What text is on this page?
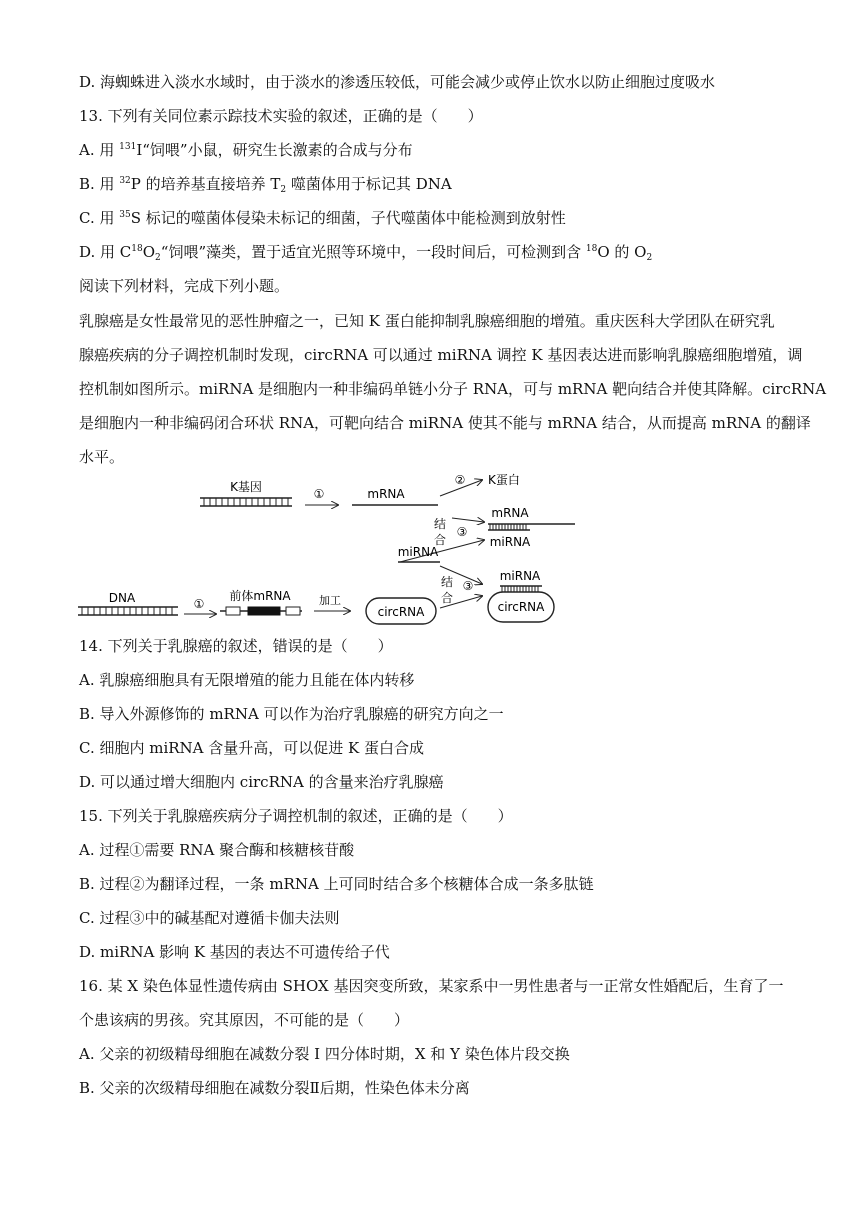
D. 海蜘蛛进入淡水水域时，由于淡水的渗透压较低，可能会减少或停止饮水以防止细胞过度吸水
13. 下列有关同位素示踪技术实验的叙述，正确的是（　　）
A. 用 $^{131}$I“饲喂”小鼠，研究生长激素的合成与分布
B. 用 $^{32}$P 的培养基直接培养 $T_2$ 噬菌体用于标记其 DNA
C. 用 $^{35}$S 标记的噬菌体侵染未标记的细菌，子代噬菌体中能检测到放射性
D. 用 $C^{18}O_2“$饲喂”藻类，置于适宜光照等环境中，一段时间后，可检测到含 $^{18}$O 的 $O_2$
阅读下列材料，完成下列小题。
乳腺癌是女性最常见的恶性肿瘤之一，已知 K 蛋白能抑制乳腺癌细胞的增殖。重庆医科大学团队在研究乳
腺癌疾病的分子调控机制时发现，circRNA 可以通过 miRNA 调控 K 基因表达进而影响乳腺癌细胞增殖，调
控机制如图所示。miRNA 是细胞内一种非编码单链小分子 RNA，可与 mRNA 靶向结合并使其降解。circRNA
是细胞内一种非编码闭合环状 RNA，可靶向结合 miRNA 使其不能与 mRNA 结合，从而提高 mRNA 的翻译
水平。
K基因	①	mRNA
② K蛋白
结
合
③
mRNA
miRNA
miRNA
DNA	①
前体mRNA	加工
circRNA
结
合
③
miRNA
circRNA
14. 下列关于乳腺癌的叙述，错误的是（　　）
A. 乳腺癌细胞具有无限增殖的能力且能在体内转移
B. 导入外源修饰的 mRNA 可以作为治疗乳腺癌的研究方向之一
C. 细胞内 miRNA 含量升高，可以促进 K 蛋白合成
D. 可以通过增大细胞内 circRNA 的含量来治疗乳腺癌
15. 下列关于乳腺癌疾病分子调控机制的叙述，正确的是（　　）
A. 过程①需要 RNA 聚合酶和核糖核苷酸
B. 过程②为翻译过程，一条 mRNA 上可同时结合多个核糖体合成一条多肽链
C. 过程③中的碱基配对遵循卡伽夫法则
D. miRNA 影响 K 基因的表达不可遗传给子代
16. 某 X 染色体显性遗传病由 SHOX 基因突变所致，某家系中一男性患者与一正常女性婚配后，生育了一
个患该病的男孩。究其原因，不可能的是（　　）
A. 父亲的初级精母细胞在减数分裂 I 四分体时期，X 和 Y 染色体片段交换
B. 父亲的次级精母细胞在减数分裂Ⅱ后期，性染色体未分离
